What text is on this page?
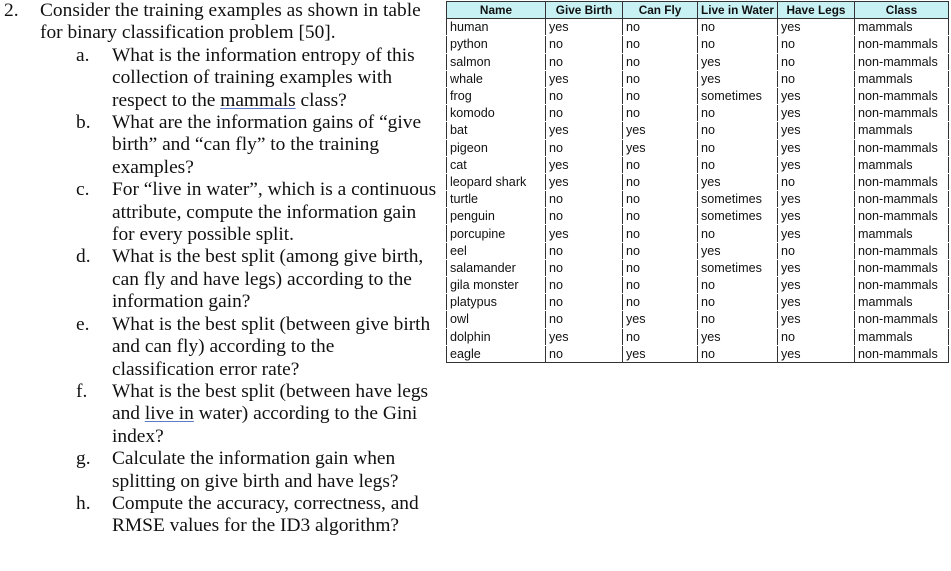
2. Consider the training examples as shown in table for binary classification problem [50].
a. What is the information entropy of this collection of training examples with respect to the mammals class?
b. What are the information gains of “give birth” and “can fly” to the training examples?
c. For “live in water”, which is a continuous attribute, compute the information gain for every possible split.
d. What is the best split (among give birth, can fly and have legs) according to the information gain?
e. What is the best split (between give birth and can fly) according to the classification error rate?
f. What is the best split (between have legs and live in water) according to the Gini index?
g. Calculate the information gain when splitting on give birth and have legs?
h. Compute the accuracy, correctness, and RMSE values for the ID3 algorithm?
Name	Give Birth	Can Fly	Live in Water	Have Legs	Class
human	yes	no	no	yes	mammals
python	no	no	no	no	non-mammals
salmon	no	no	yes	no	non-mammals
whale	yes	no	yes	no	mammals
frog	no	no	sometimes	yes	non-mammals
komodo	no	no	no	yes	non-mammals
bat	yes	yes	no	yes	mammals
pigeon	no	yes	no	yes	non-mammals
cat	yes	no	no	yes	mammals
leopard shark	yes	no	yes	no	non-mammals
turtle	no	no	sometimes	yes	non-mammals
penguin	no	no	sometimes	yes	non-mammals
porcupine	yes	no	no	yes	mammals
eel	no	no	yes	no	non-mammals
salamander	no	no	sometimes	yes	non-mammals
gila monster	no	no	no	yes	non-mammals
platypus	no	no	no	yes	mammals
owl	no	yes	no	yes	non-mammals
dolphin	yes	no	yes	no	mammals
eagle	no	yes	no	yes	non-mammals
